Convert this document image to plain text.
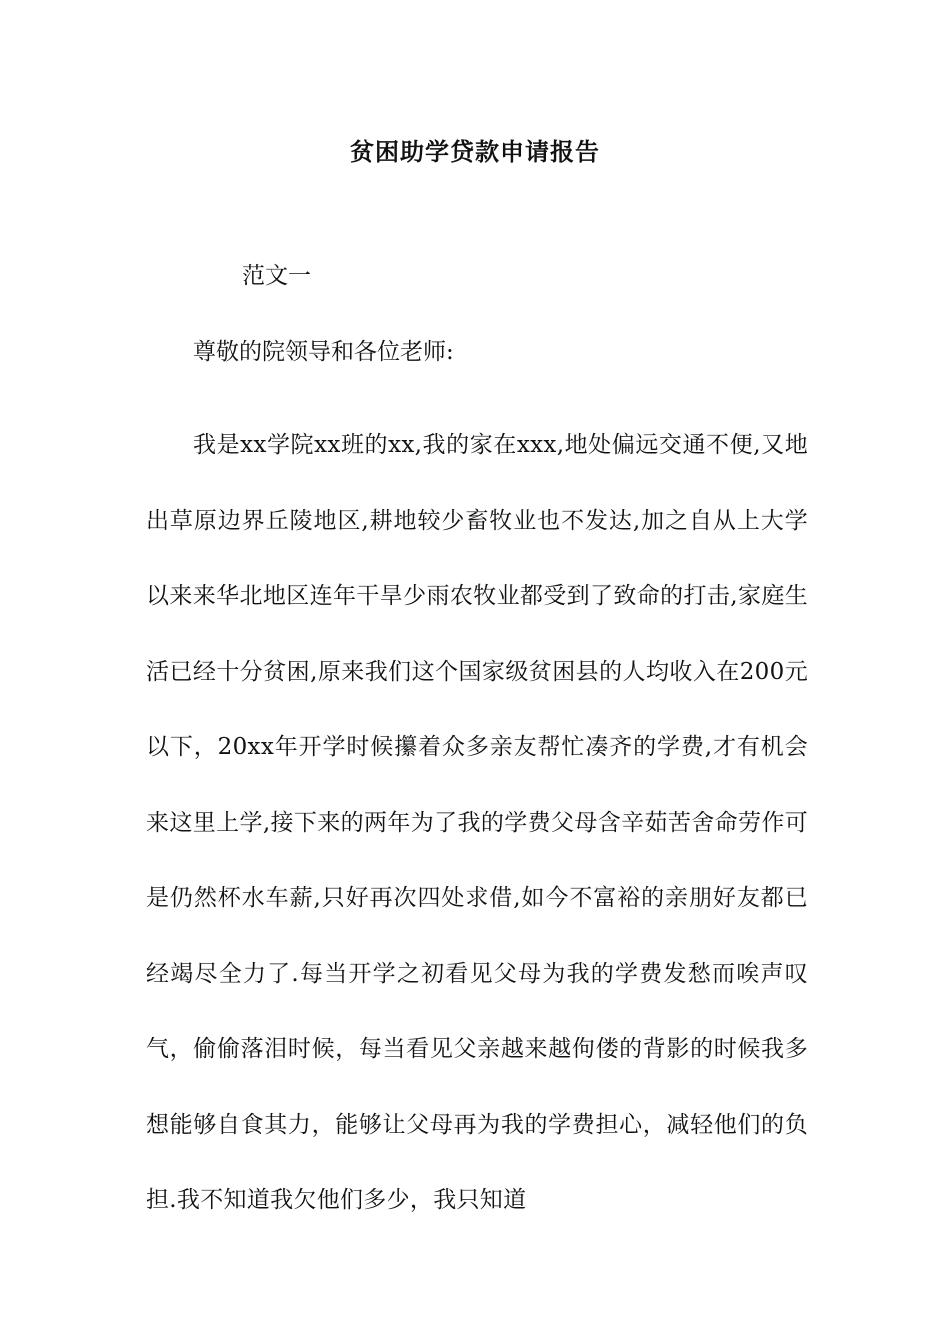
贫困助学贷款申请报告
范文一
尊敬的院领导和各位老师:

我是xx学院xx班的xx,我的家在xxx,地处偏远交通不便,又地出草原边界丘陵地区,耕地较少畜牧业也不发达,加之自从上大学以来来华北地区连年干旱少雨农牧业都受到了致命的打击,家庭生活已经十分贫困,原来我们这个国家级贫困县的人均收入在200元以下，20xx年开学时候攥着众多亲友帮忙凑齐的学费,才有机会来这里上学,接下来的两年为了我的学费父母含辛茹苦舍命劳作可是仍然杯水车薪,只好再次四处求借,如今不富裕的亲朋好友都已经竭尽全力了.每当开学之初看见父母为我的学费发愁而唉声叹气，偷偷落泪时候，每当看见父亲越来越佝偻的背影的时候我多想能够自食其力，能够让父母再为我的学费担心，减轻他们的负担.我不知道我欠他们多少，我只知道
